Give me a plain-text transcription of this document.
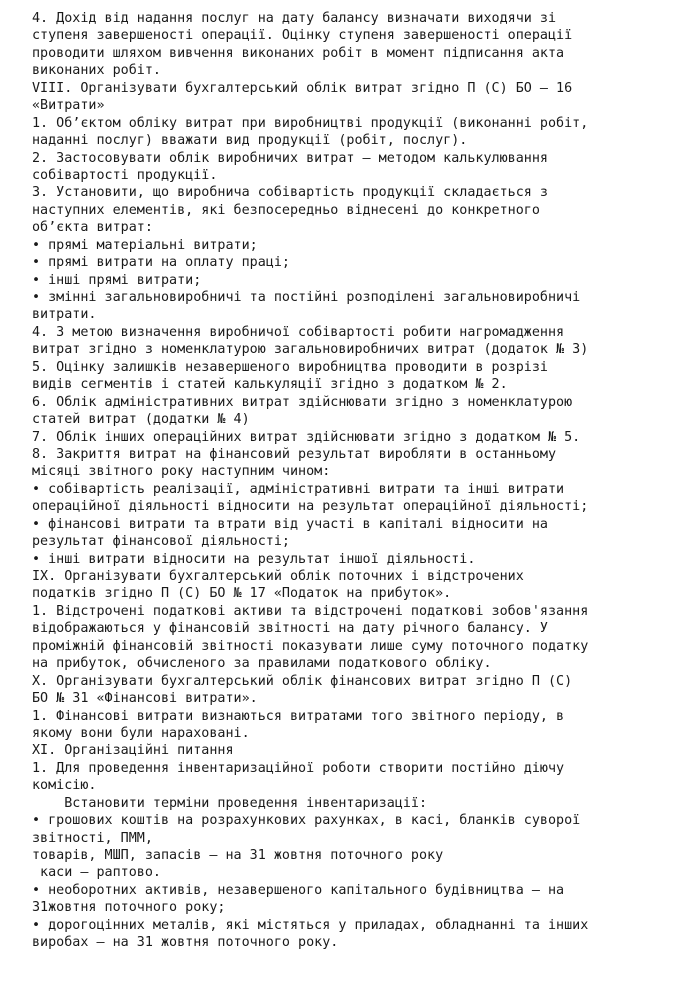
4. Дохід від надання послуг на дату балансу визначати виходячи зі
ступеня завершеності операції. Оцінку ступеня завершеності операції
проводити шляхом вивчення виконаних робіт в момент підписання акта
виконаних робіт.
VIII. Організувати бухгалтерський облік витрат згідно П (С) БО – 16
«Витрати»
1. Об’єктом обліку витрат при виробництві продукції (виконанні робіт,
наданні послуг) вважати вид продукції (робіт, послуг).
2. Застосовувати облік виробничих витрат – методом калькулювання
собівартості продукції.
3. Установити, що виробнича собівартість продукції складається з
наступних елементів, які безпосередньо віднесені до конкретного
об’єкта витрат:
• прямі матеріальні витрати;
• прямі витрати на оплату праці;
• інші прямі витрати;
• змінні загальновиробничі та постійні розподілені загальновиробничі
витрати.
4. З метою визначення виробничої собівартості робити нагромадження
витрат згідно з номенклатурою загальновиробничих витрат (додаток № 3)
5. Оцінку залишків незавершеного виробництва проводити в розрізі
видів сегментів і статей калькуляції згідно з додатком № 2.
6. Облік адміністративних витрат здійснювати згідно з номенклатурою
статей витрат (додатки № 4)
7. Облік інших операційних витрат здійснювати згідно з додатком № 5.
8. Закриття витрат на фінансовий результат виробляти в останньому
місяці звітного року наступним чином:
• собівартість реалізації, адміністративні витрати та інші витрати
операційної діяльності відносити на результат операційної діяльності;
• фінансові витрати та втрати від участі в капіталі відносити на
результат фінансової діяльності;
• інші витрати відносити на результат іншої діяльності.
IX. Організувати бухгалтерський облік поточних і відстрочених
податків згідно П (С) БО № 17 «Податок на прибуток».
1. Відстрочені податкові активи та відстрочені податкові зобов'язання
відображаються у фінансовій звітності на дату річного балансу. У
проміжній фінансовій звітності показувати лише суму поточного податку
на прибуток, обчисленого за правилами податкового обліку.
X. Організувати бухгалтерський облік фінансових витрат згідно П (С)
БО № 31 «Фінансові витрати».
1. Фінансові витрати визнаються витратами того звітного періоду, в
якому вони були нараховані.
XI. Організаційні питання
1. Для проведення інвентаризаційної роботи створити постійно діючу
комісію.
Встановити терміни проведення інвентаризації:
• грошових коштів на розрахункових рахунках, в касі, бланків суворої
звітності, ПММ,
товарів, МШП, запасів – на 31 жовтня поточного року
каси – раптово.
• необоротних активів, незавершеного капітального будівництва – на
31жовтня поточного року;
• дорогоцінних металів, які містяться у приладах, обладнанні та інших
виробах – на 31 жовтня поточного року.
